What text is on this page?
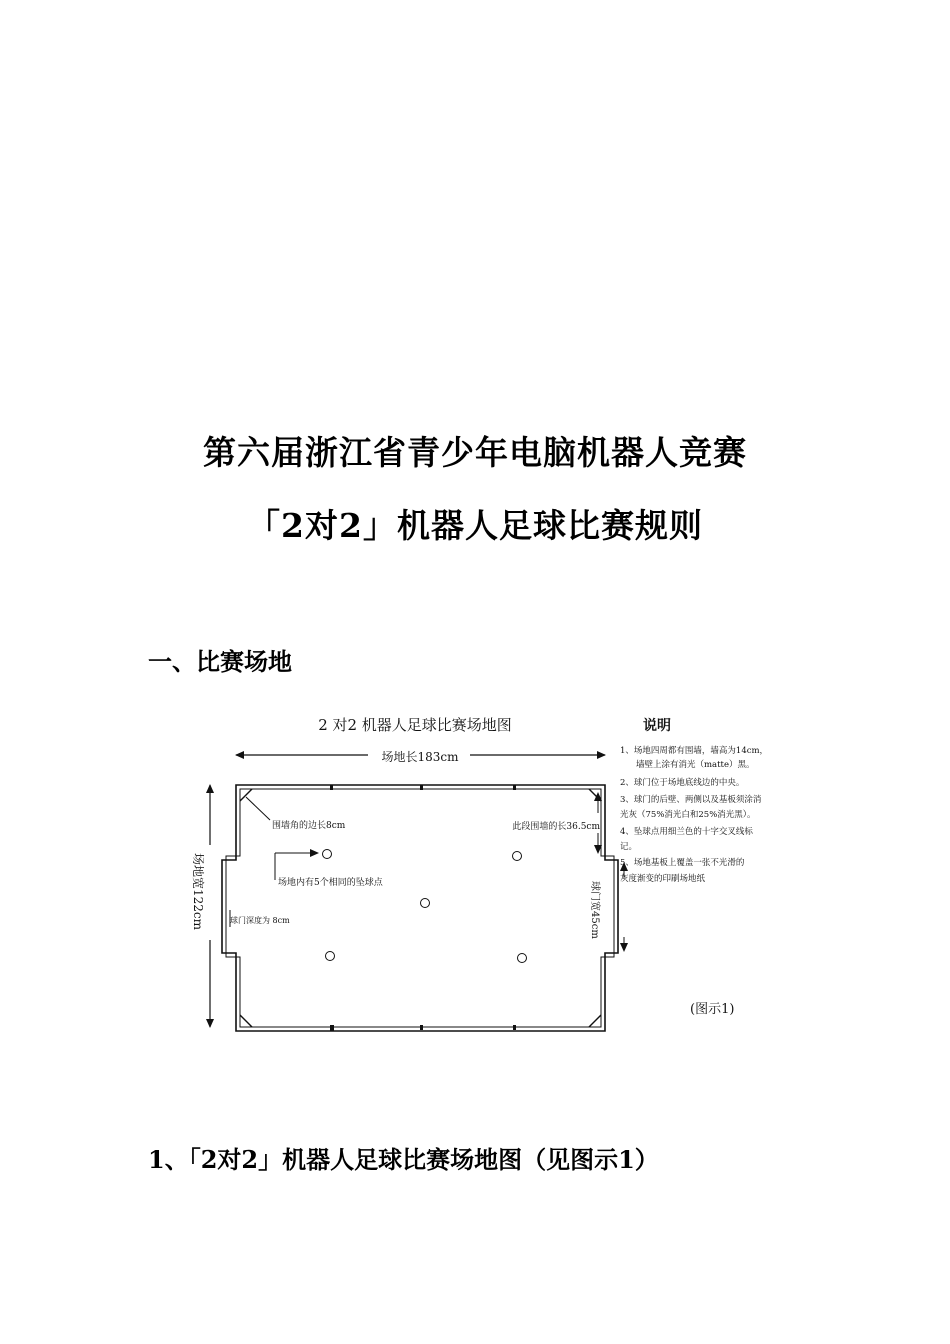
第六届浙江省青少年电脑机器人竞赛
「2对2」机器人足球比赛规则
一、比赛场地
2 对2 机器人足球比赛场地图
场地长183cm
场地宽122cm
围墙角的边长8cm
场地内有5个相同的坠球点
球门深度为 8cm
此段围墙的长36.5cm
球门宽45cm
说明
1、场地四周都有围墙，墙高为14cm，
墙壁上涂有消光（matte）黑。
2、球门位于场地底线边的中央。
3、球门的后壁、两侧以及基板须涂消
光灰（75%消光白和25%消光黑）。
4、坠球点用细兰色的十字交叉线标
记。
5、场地基板上覆盖一张不光滑的
灰度渐变的印刷场地纸
(图示1)
1、「2对2」机器人足球比赛场地图（见图示1）
